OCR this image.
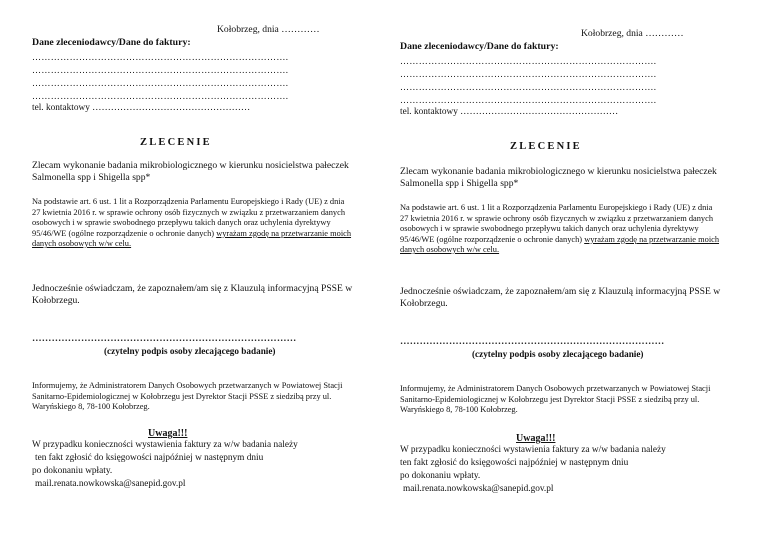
Kołobrzeg, dnia …………
Dane zleceniodawcy/Dane do faktury:
……………………………………………………………………….
……………………………………………………………………….
……………………………………………………………………….
……………………………………………………………………….
tel. kontaktowy ……………………………………………
ZLECENIE
Zlecam wykonanie badania mikrobiologicznego w kierunku nosicielstwa pałeczek Salmonella spp i Shigella spp*
Na podstawie art. 6 ust. 1 lit a Rozporządzenia Parlamentu Europejskiego i Rady (UE) z dnia 27 kwietnia 2016 r. w sprawie ochrony osób fizycznych w związku z przetwarzaniem danych osobowych i w sprawie swobodnego przepływu takich danych oraz uchylenia dyrektywy 95/46/WE (ogólne rozporządzenie o ochronie danych) wyrażam zgodę na przetwarzanie moich danych osobowych w/w celu.
Jednocześnie oświadczam, że zapoznałem/am się z Klauzulą informacyjną PSSE w Kołobrzegu.
………………………………………………………………………
(czytelny podpis osoby zlecającego badanie)
Informujemy, że Administratorem Danych Osobowych przetwarzanych w Powiatowej Stacji Sanitarno-Epidemiologicznej w Kołobrzegu jest Dyrektor Stacji PSSE z siedzibą przy ul. Waryńskiego 8, 78-100 Kołobrzeg.
Uwaga!!!
W przypadku konieczności wystawienia faktury za w/w badania należy
ten fakt zgłosić do księgowości najpóźniej w następnym dniu
po dokonaniu wpłaty.
mail.renata.nowkowska@sanepid.gov.pl
Kołobrzeg, dnia …………
Dane zleceniodawcy/Dane do faktury:
……………………………………………………………………….
……………………………………………………………………….
……………………………………………………………………….
……………………………………………………………………….
tel. kontaktowy ……………………………………………
ZLECENIE
Zlecam wykonanie badania mikrobiologicznego w kierunku nosicielstwa pałeczek Salmonella spp i Shigella spp*
Na podstawie art. 6 ust. 1 lit a Rozporządzenia Parlamentu Europejskiego i Rady (UE) z dnia 27 kwietnia 2016 r. w sprawie ochrony osób fizycznych w związku z przetwarzaniem danych osobowych i w sprawie swobodnego przepływu takich danych oraz uchylenia dyrektywy 95/46/WE (ogólne rozporządzenie o ochronie danych) wyrażam zgodę na przetwarzanie moich danych osobowych w/w celu.
Jednocześnie oświadczam, że zapoznałem/am się z Klauzulą informacyjną PSSE w Kołobrzegu.
………………………………………………………………………
(czytelny podpis osoby zlecającego badanie)
Informujemy, że Administratorem Danych Osobowych przetwarzanych w Powiatowej Stacji Sanitarno-Epidemiologicznej w Kołobrzegu jest Dyrektor Stacji PSSE z siedzibą przy ul. Waryńskiego 8, 78-100 Kołobrzeg.
Uwaga!!!
W przypadku konieczności wystawienia faktury za w/w badania należy
ten fakt zgłosić do księgowości najpóźniej w następnym dniu
po dokonaniu wpłaty.
mail.renata.nowkowska@sanepid.gov.pl
